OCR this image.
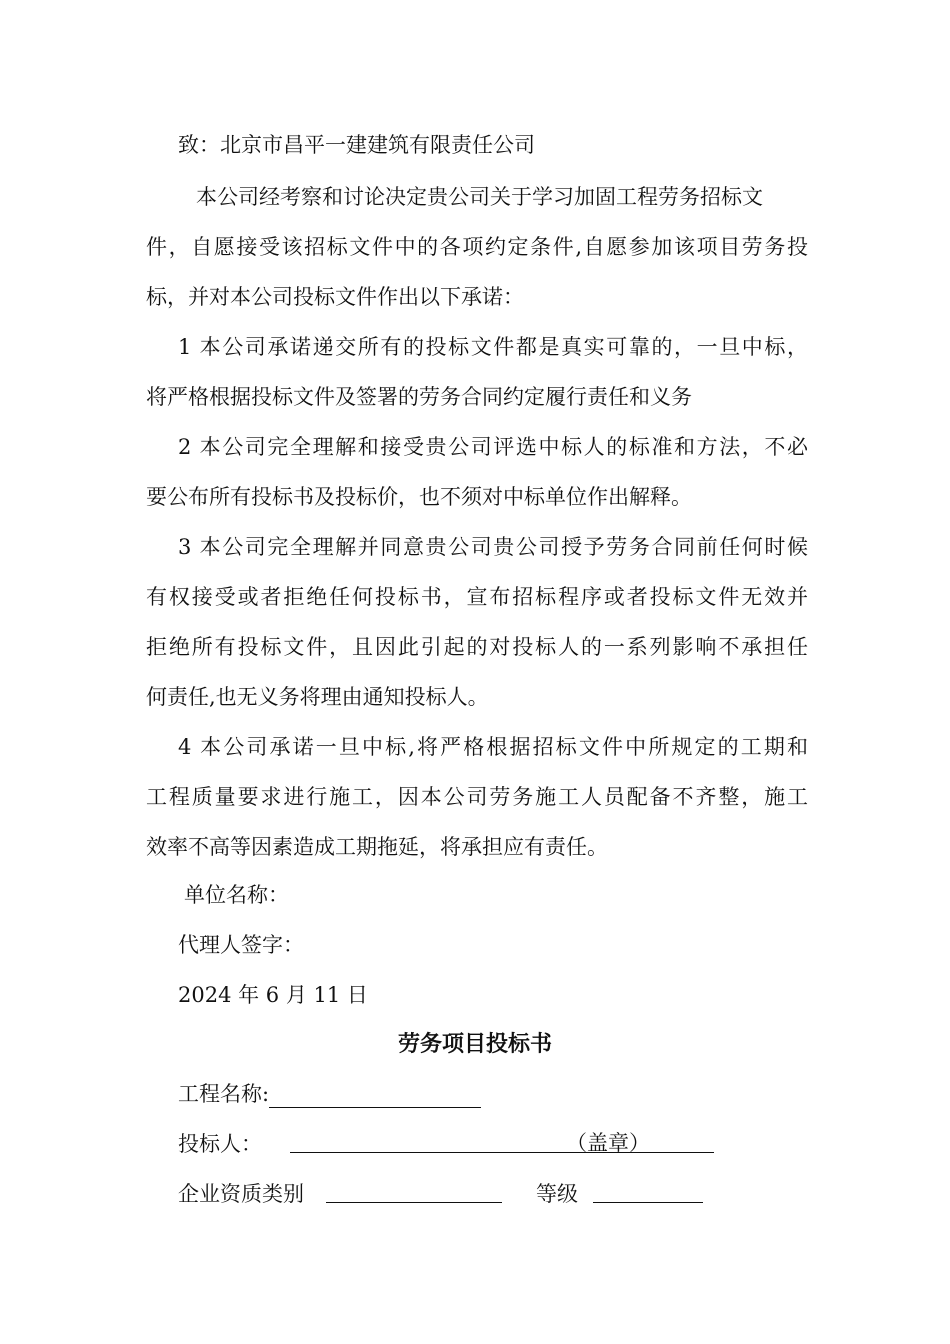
致：北京市昌平一建建筑有限责任公司
本公司经考察和讨论决定贵公司关于学习加固工程劳务招标文
件，自愿接受该招标文件中的各项约定条件,自愿参加该项目劳务投
标，并对本公司投标文件作出以下承诺：
1 本公司承诺递交所有的投标文件都是真实可靠的，一旦中标，
将严格根据投标文件及签署的劳务合同约定履行责任和义务
2 本公司完全理解和接受贵公司评选中标人的标准和方法，不必
要公布所有投标书及投标价，也不须对中标单位作出解释。
3 本公司完全理解并同意贵公司贵公司授予劳务合同前任何时候
有权接受或者拒绝任何投标书，宣布招标程序或者投标文件无效并
拒绝所有投标文件，且因此引起的对投标人的一系列影响不承担任
何责任,也无义务将理由通知投标人。
4 本公司承诺一旦中标,将严格根据招标文件中所规定的工期和
工程质量要求进行施工，因本公司劳务施工人员配备不齐整，施工
效率不高等因素造成工期拖延，将承担应有责任。
单位名称：
代理人签字：
2024 年 6 月 11 日
劳务项目投标书
工程名称:
投标人：	（盖章）
企业资质类别	等级
